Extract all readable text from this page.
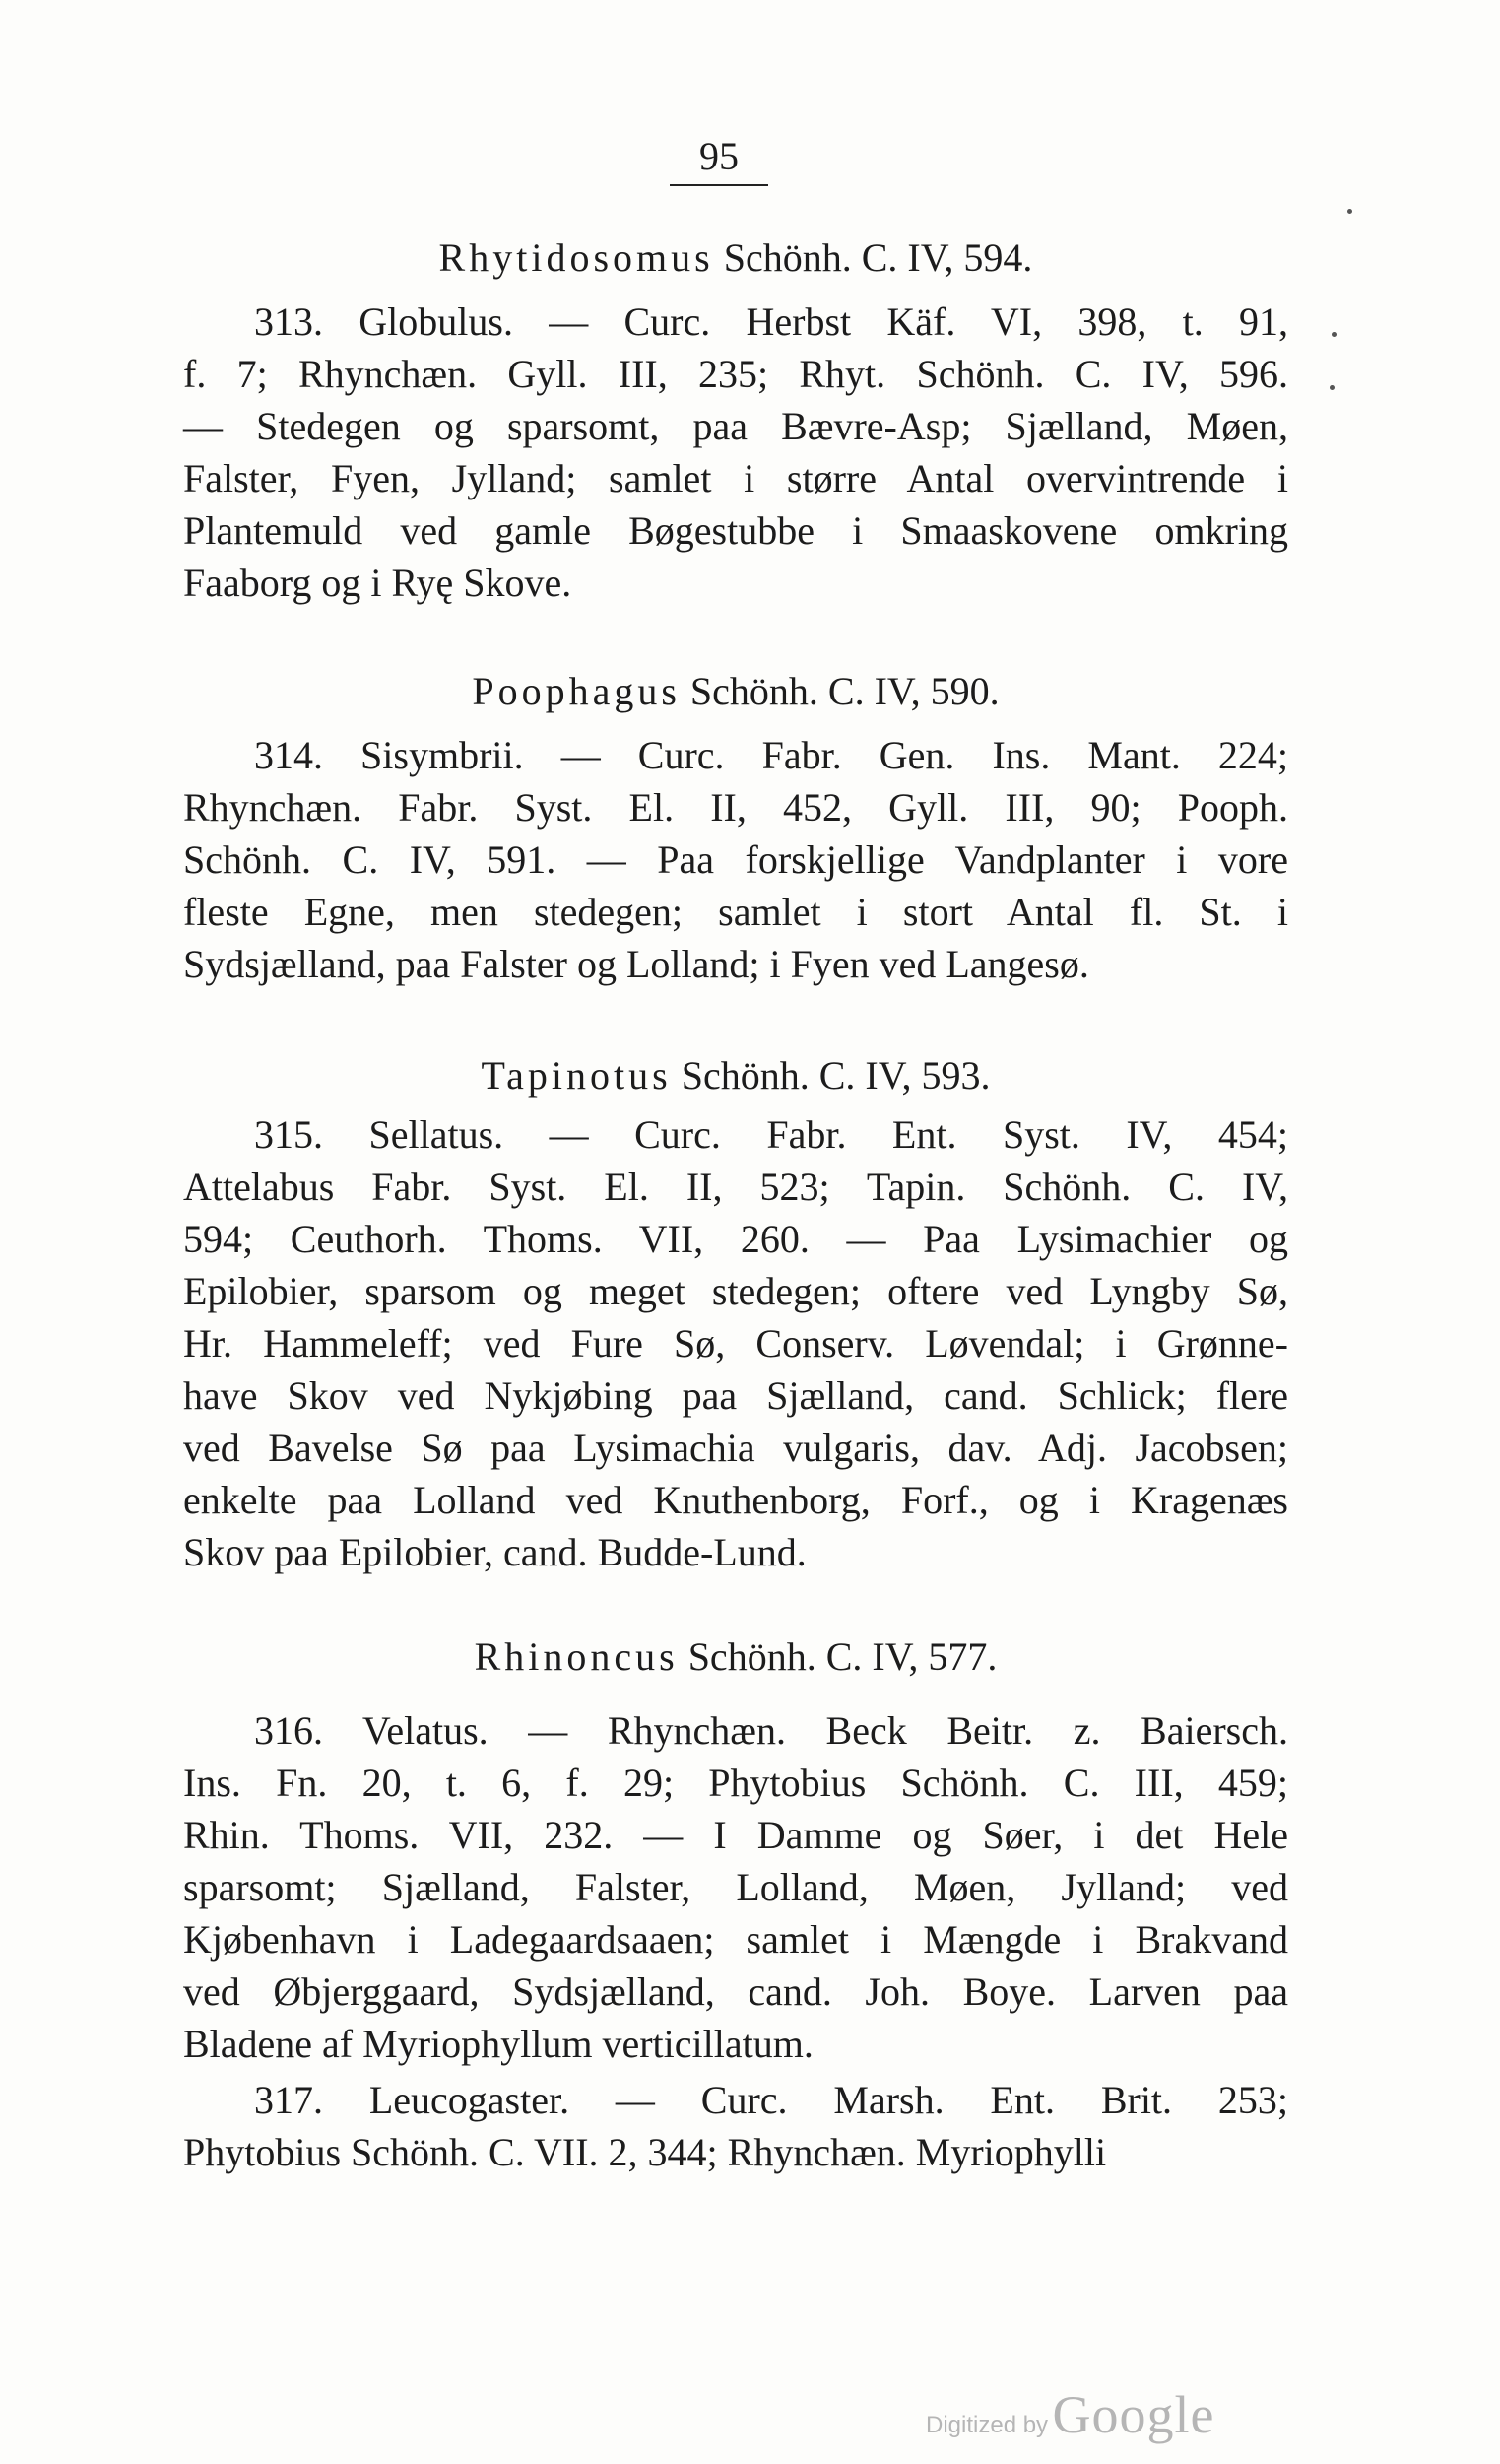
95
Rhytidosomus Schönh. C. IV, 594.
313. Globulus. — Curc. Herbst Käf. VI, 398, t. 91,
f. 7; Rhynchæn. Gyll. III, 235; Rhyt. Schönh. C. IV, 596.
— Stedegen og sparsomt, paa Bævre-Asp; Sjælland, Møen,
Falster, Fyen, Jylland; samlet i større Antal overvintrende i
Plantemuld ved gamle Bøgestubbe i Smaaskovene omkring
Faaborg og i Ryę Skove.
Poophagus Schönh. C. IV, 590.
314. Sisymbrii. — Curc. Fabr. Gen. Ins. Mant. 224;
Rhynchæn. Fabr. Syst. El. II, 452, Gyll. III, 90; Pooph.
Schönh. C. IV, 591. — Paa forskjellige Vandplanter i vore
fleste Egne, men stedegen; samlet i stort Antal fl. St. i
Sydsjælland, paa Falster og Lolland; i Fyen ved Langesø.
Tapinotus Schönh. C. IV, 593.
315. Sellatus. — Curc. Fabr. Ent. Syst. IV, 454;
Attelabus Fabr. Syst. El. II, 523; Tapin. Schönh. C. IV,
594; Ceuthorh. Thoms. VII, 260. — Paa Lysimachier og
Epilobier, sparsom og meget stedegen; oftere ved Lyngby Sø,
Hr. Hammeleff; ved Fure Sø, Conserv. Løvendal; i Grønne-
have Skov ved Nykjøbing paa Sjælland, cand. Schlick; flere
ved Bavelse Sø paa Lysimachia vulgaris, dav. Adj. Jacobsen;
enkelte paa Lolland ved Knuthenborg, Forf., og i Kragenæs
Skov paa Epilobier, cand. Budde-Lund.
Rhinoncus Schönh. C. IV, 577.
316. Velatus. — Rhynchæn. Beck Beitr. z. Baiersch.
Ins. Fn. 20, t. 6, f. 29; Phytobius Schönh. C. III, 459;
Rhin. Thoms. VII, 232. — I Damme og Søer, i det Hele
sparsomt; Sjælland, Falster, Lolland, Møen, Jylland; ved
Kjøbenhavn i Ladegaardsaaen; samlet i Mængde i Brakvand
ved Øbjerggaard, Sydsjælland, cand. Joh. Boye. Larven paa
Bladene af Myriophyllum verticillatum.
317. Leucogaster. — Curc. Marsh. Ent. Brit. 253;
Phytobius Schönh. C. VII. 2, 344; Rhynchæn. Myriophylli
Digitized by Google
